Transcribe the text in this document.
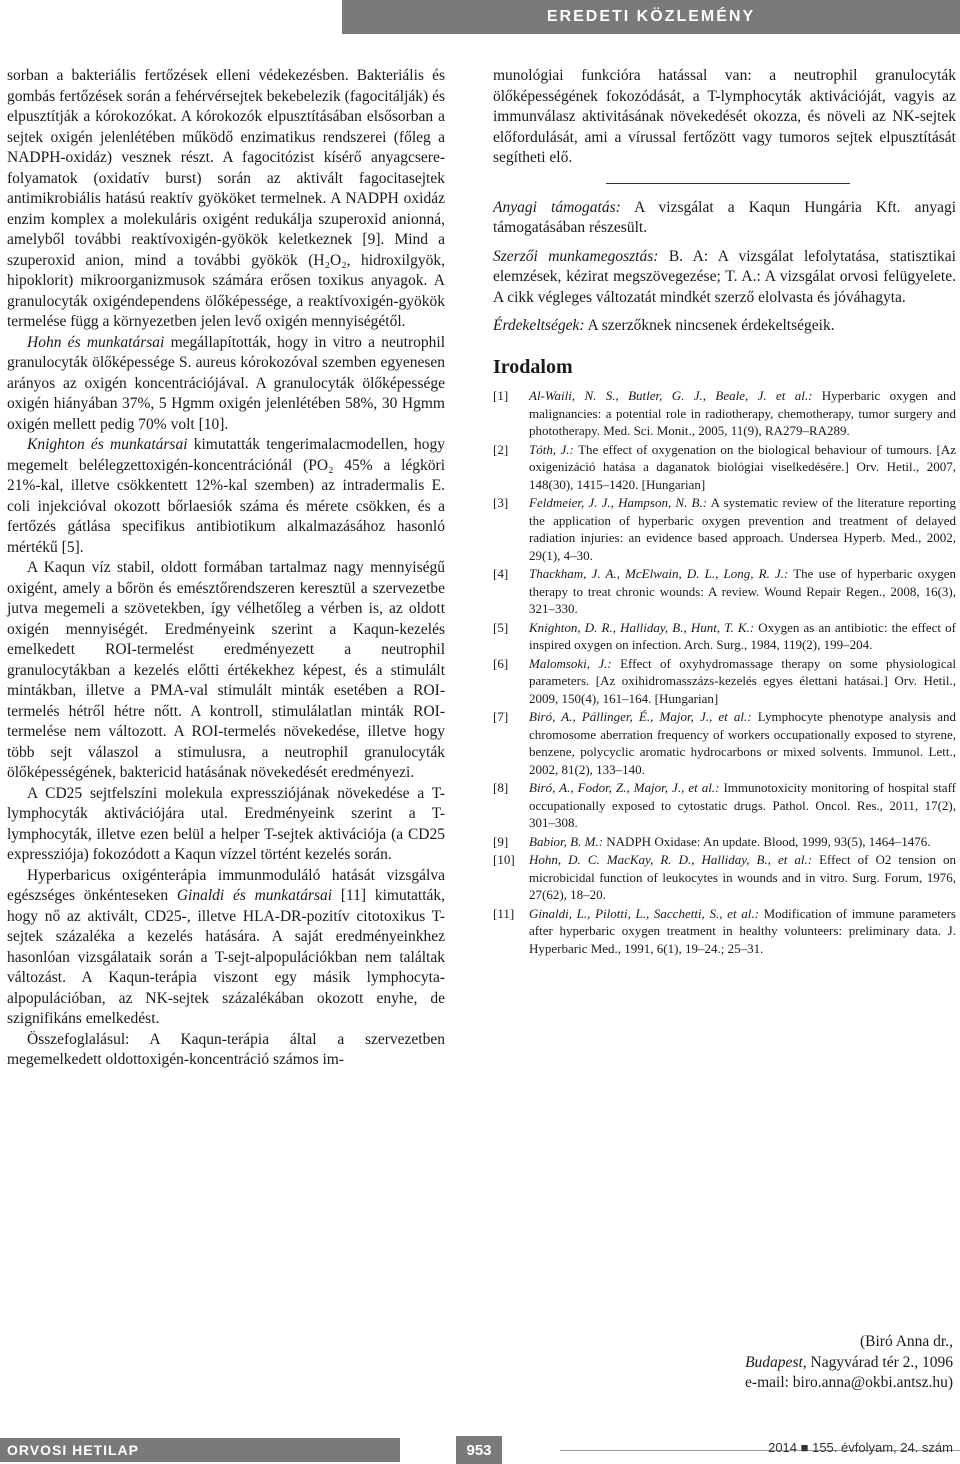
EREDETI KÖZLEMÉNY

sorban a bakteriális fertőzések elleni védekezésben. Bakteriális és gombás fertőzések során a fehérvérsejtek bekebelezik (fagocitálják) és elpusztítják a kórokozókat. A kórokozók elpusztításában elsősorban a sejtek oxigén jelenlétében működő enzimatikus rendszerei (főleg a NADPH-oxidáz) vesznek részt. A fagocitózist kísérő anyagcsere-folyamatok (oxidatív burst) során az aktivált fagocitasejtek antimikrobiális hatású reaktív gyököket termelnek. A NADPH oxidáz enzim komplex a molekuláris oxigént redukálja szuperoxid anionná, amelyből további reaktívoxigén-gyökök keletkeznek [9]. Mind a szuperoxid anion, mind a további gyökök (H₂O₂, hidroxilgyök, hipoklorit) mikroorganizmusok számára erősen toxikus anyagok. A granulocyták oxigéndependens ölőképessége, a reaktívoxigén-gyökök termelése függ a környezetben jelen levő oxigén mennyiségétől.

Hohn és munkatársai megállapították, hogy in vitro a neutrophil granulocyták ölőképessége S. aureus kórokozóval szemben egyenesen arányos az oxigén koncentrációjával. A granulocyták ölőképessége oxigén hiányában 37%, 5 Hgmm oxigén jelenlétében 58%, 30 Hgmm oxigén mellett pedig 70% volt [10].

Knighton és munkatársai kimutatták tengerimalacmodellen, hogy megemelt belélegzettoxigén-koncentrációnál (PO₂ 45% a légköri 21%-kal, illetve csökkentett 12%-kal szemben) az intradermalis E. coli injekcióval okozott bőrlaesiók száma és mérete csökken, és a fertőzés gátlása specifikus antibiotikum alkalmazásához hasonló mértékű [5].

A Kaqun víz stabil, oldott formában tartalmaz nagy mennyiségű oxigént, amely a bőrön és emésztőrendszeren keresztül a szervezetbe jutva megemeli a szövetekben, így vélhetőleg a vérben is, az oldott oxigén mennyiségét. Eredményeink szerint a Kaqun-kezelés emelkedett ROI-termelést eredményezett a neutrophil granulocytákban a kezelés előtti értékekhez képest, és a stimulált mintákban, illetve a PMA-val stimulált minták esetében a ROI-termelés hétről hétre nőtt. A kontroll, stimulálatlan minták ROI-termelése nem változott. A ROI-termelés növekedése, illetve hogy több sejt válaszol a stimulusra, a neutrophil granulocyták ölőképességének, baktericid hatásának növekedését eredményezi.

A CD25 sejtfelszíni molekula expressziójának növekedése a T-lymphocyták aktivációjára utal. Eredményeink szerint a T-lymphocyták, illetve ezen belül a helper T-sejtek aktivációja (a CD25 expressziója) fokozódott a Kaqun vízzel történt kezelés során.

Hyperbaricus oxigénterápia immunmoduláló hatását vizsgálva egészséges önkénteseken Ginaldi és munkatársai [11] kimutatták, hogy nő az aktivált, CD25-, illetve HLA-DR-pozitív citotoxikus T-sejtek százaléka a kezelés hatására. A saját eredményeinkhez hasonlóan vizsgálataik során a T-sejt-alpopulációkban nem találtak változást. A Kaqun-terápia viszont egy másik lymphocyta-alpopulációban, az NK-sejtek százalékában okozott enyhe, de szignifikáns emelkedést.

Összefoglalásul: A Kaqun-terápia által a szervezetben megemelkedett oldottoxigén-koncentráció számos im-

munológiai funkcióra hatással van: a neutrophil granulocyták ölőképességének fokozódását, a T-lymphocyták aktivációját, vagyis az immunválasz aktivitásának növekedését okozza, és növeli az NK-sejtek előfordulását, ami a vírussal fertőzött vagy tumoros sejtek elpusztítását segítheti elő.

Anyagi támogatás: A vizsgálat a Kaqun Hungária Kft. anyagi támogatásában részesült.

Szerzői munkamegosztás: B. A: A vizsgálat lefolytatása, statisztikai elemzések, kézirat megszövegezése; T. A.: A vizsgálat orvosi felügyelete. A cikk végleges változatát mindkét szerző elolvasta és jóváhagyta.

Érdekeltségek: A szerzőknek nincsenek érdekeltségeik.

Irodalom
[1]	Al-Waili, N. S., Butler, G. J., Beale, J. et al.: Hyperbaric oxygen and malignancies: a potential role in radiotherapy, chemotherapy, tumor surgery and phototherapy. Med. Sci. Monit., 2005, 11(9), RA279–RA289.
[2]	Tóth, J.: The effect of oxygenation on the biological behaviour of tumours. [Az oxigenizáció hatása a daganatok biológiai viselkedésére.] Orv. Hetil., 2007, 148(30), 1415–1420. [Hungarian]
[3]	Feldmeier, J. J., Hampson, N. B.: A systematic review of the literature reporting the application of hyperbaric oxygen prevention and treatment of delayed radiation injuries: an evidence based approach. Undersea Hyperb. Med., 2002, 29(1), 4–30.
[4]	Thackham, J. A., McElwain, D. L., Long, R. J.: The use of hyperbaric oxygen therapy to treat chronic wounds: A review. Wound Repair Regen., 2008, 16(3), 321–330.
[5]	Knighton, D. R., Halliday, B., Hunt, T. K.: Oxygen as an antibiotic: the effect of inspired oxygen on infection. Arch. Surg., 1984, 119(2), 199–204.
[6]	Malomsoki, J.: Effect of oxyhydromassage therapy on some physiological parameters. [Az oxihidromasszázs-kezelés egyes élettani hatásai.] Orv. Hetil., 2009, 150(4), 161–164. [Hungarian]
[7]	Biró, A., Pállinger, É., Major, J., et al.: Lymphocyte phenotype analysis and chromosome aberration frequency of workers occupationally exposed to styrene, benzene, polycyclic aromatic hydrocarbons or mixed solvents. Immunol. Lett., 2002, 81(2), 133–140.
[8]	Biró, A., Fodor, Z., Major, J., et al.: Immunotoxicity monitoring of hospital staff occupationally exposed to cytostatic drugs. Pathol. Oncol. Res., 2011, 17(2), 301–308.
[9]	Babior, B. M.: NADPH Oxidase: An update. Blood, 1999, 93(5), 1464–1476.
[10]	Hohn, D. C. MacKay, R. D., Halliday, B., et al.: Effect of O2 tension on microbicidal function of leukocytes in wounds and in vitro. Surg. Forum, 1976, 27(62), 18–20.
[11]	Ginaldi, L., Pilotti, L., Sacchetti, S., et al.: Modification of immune parameters after hyperbaric oxygen treatment in healthy volunteers: preliminary data. J. Hyperbaric Med., 1991, 6(1), 19–24.; 25–31.
(Biró Anna dr.,
Budapest, Nagyvárad tér 2., 1096
e-mail: biro.anna@okbi.antsz.hu)
ORVOSI HETILAP	953	2014 ■ 155. évfolyam, 24. szám
